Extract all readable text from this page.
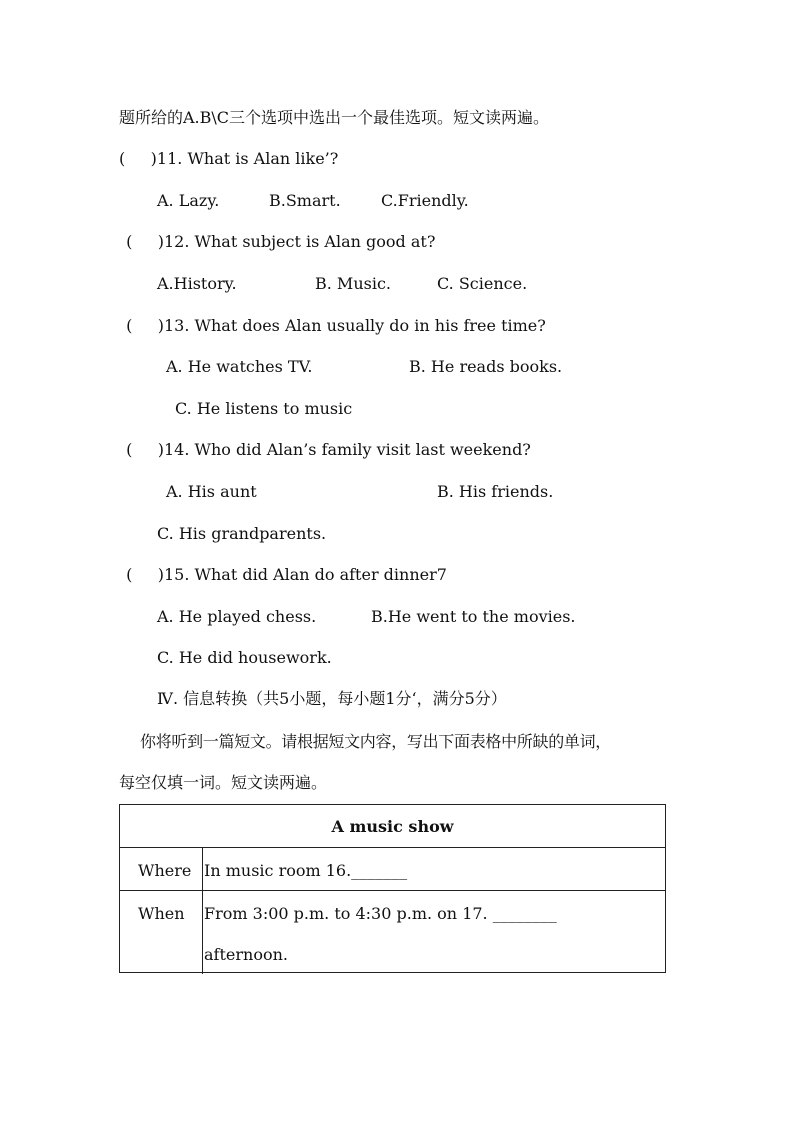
题所给的A.B\C三个选项中选出一个最佳选项。短文读两遍。
(     )11. What is Alan like’?
A. Lazy.	B.Smart.	C.Friendly.
(     )12. What subject is Alan good at?
A.History.	B. Music.	C. Science.
(     )13. What does Alan usually do in his free time?
A. He watches TV.	B. He reads books.
C. He listens to music
(     )14. Who did Alan’s family visit last weekend?
A. His aunt	B. His friends.
C. His grandparents.
(     )15. What did Alan do after dinner7
A. He played chess.	B.He went to the movies.
C. He did housework.
Ⅳ. 信息转换（共5小题，每小题1分‘，满分5分）
你将听到一篇短文。请根据短文内容，写出下面表格中所缺的单词，
每空仅填一词。短文读两遍。
A music show
Where In music room 16._______
When From 3:00 p.m. to 4:30 p.m. on 17. ________
afternoon.
